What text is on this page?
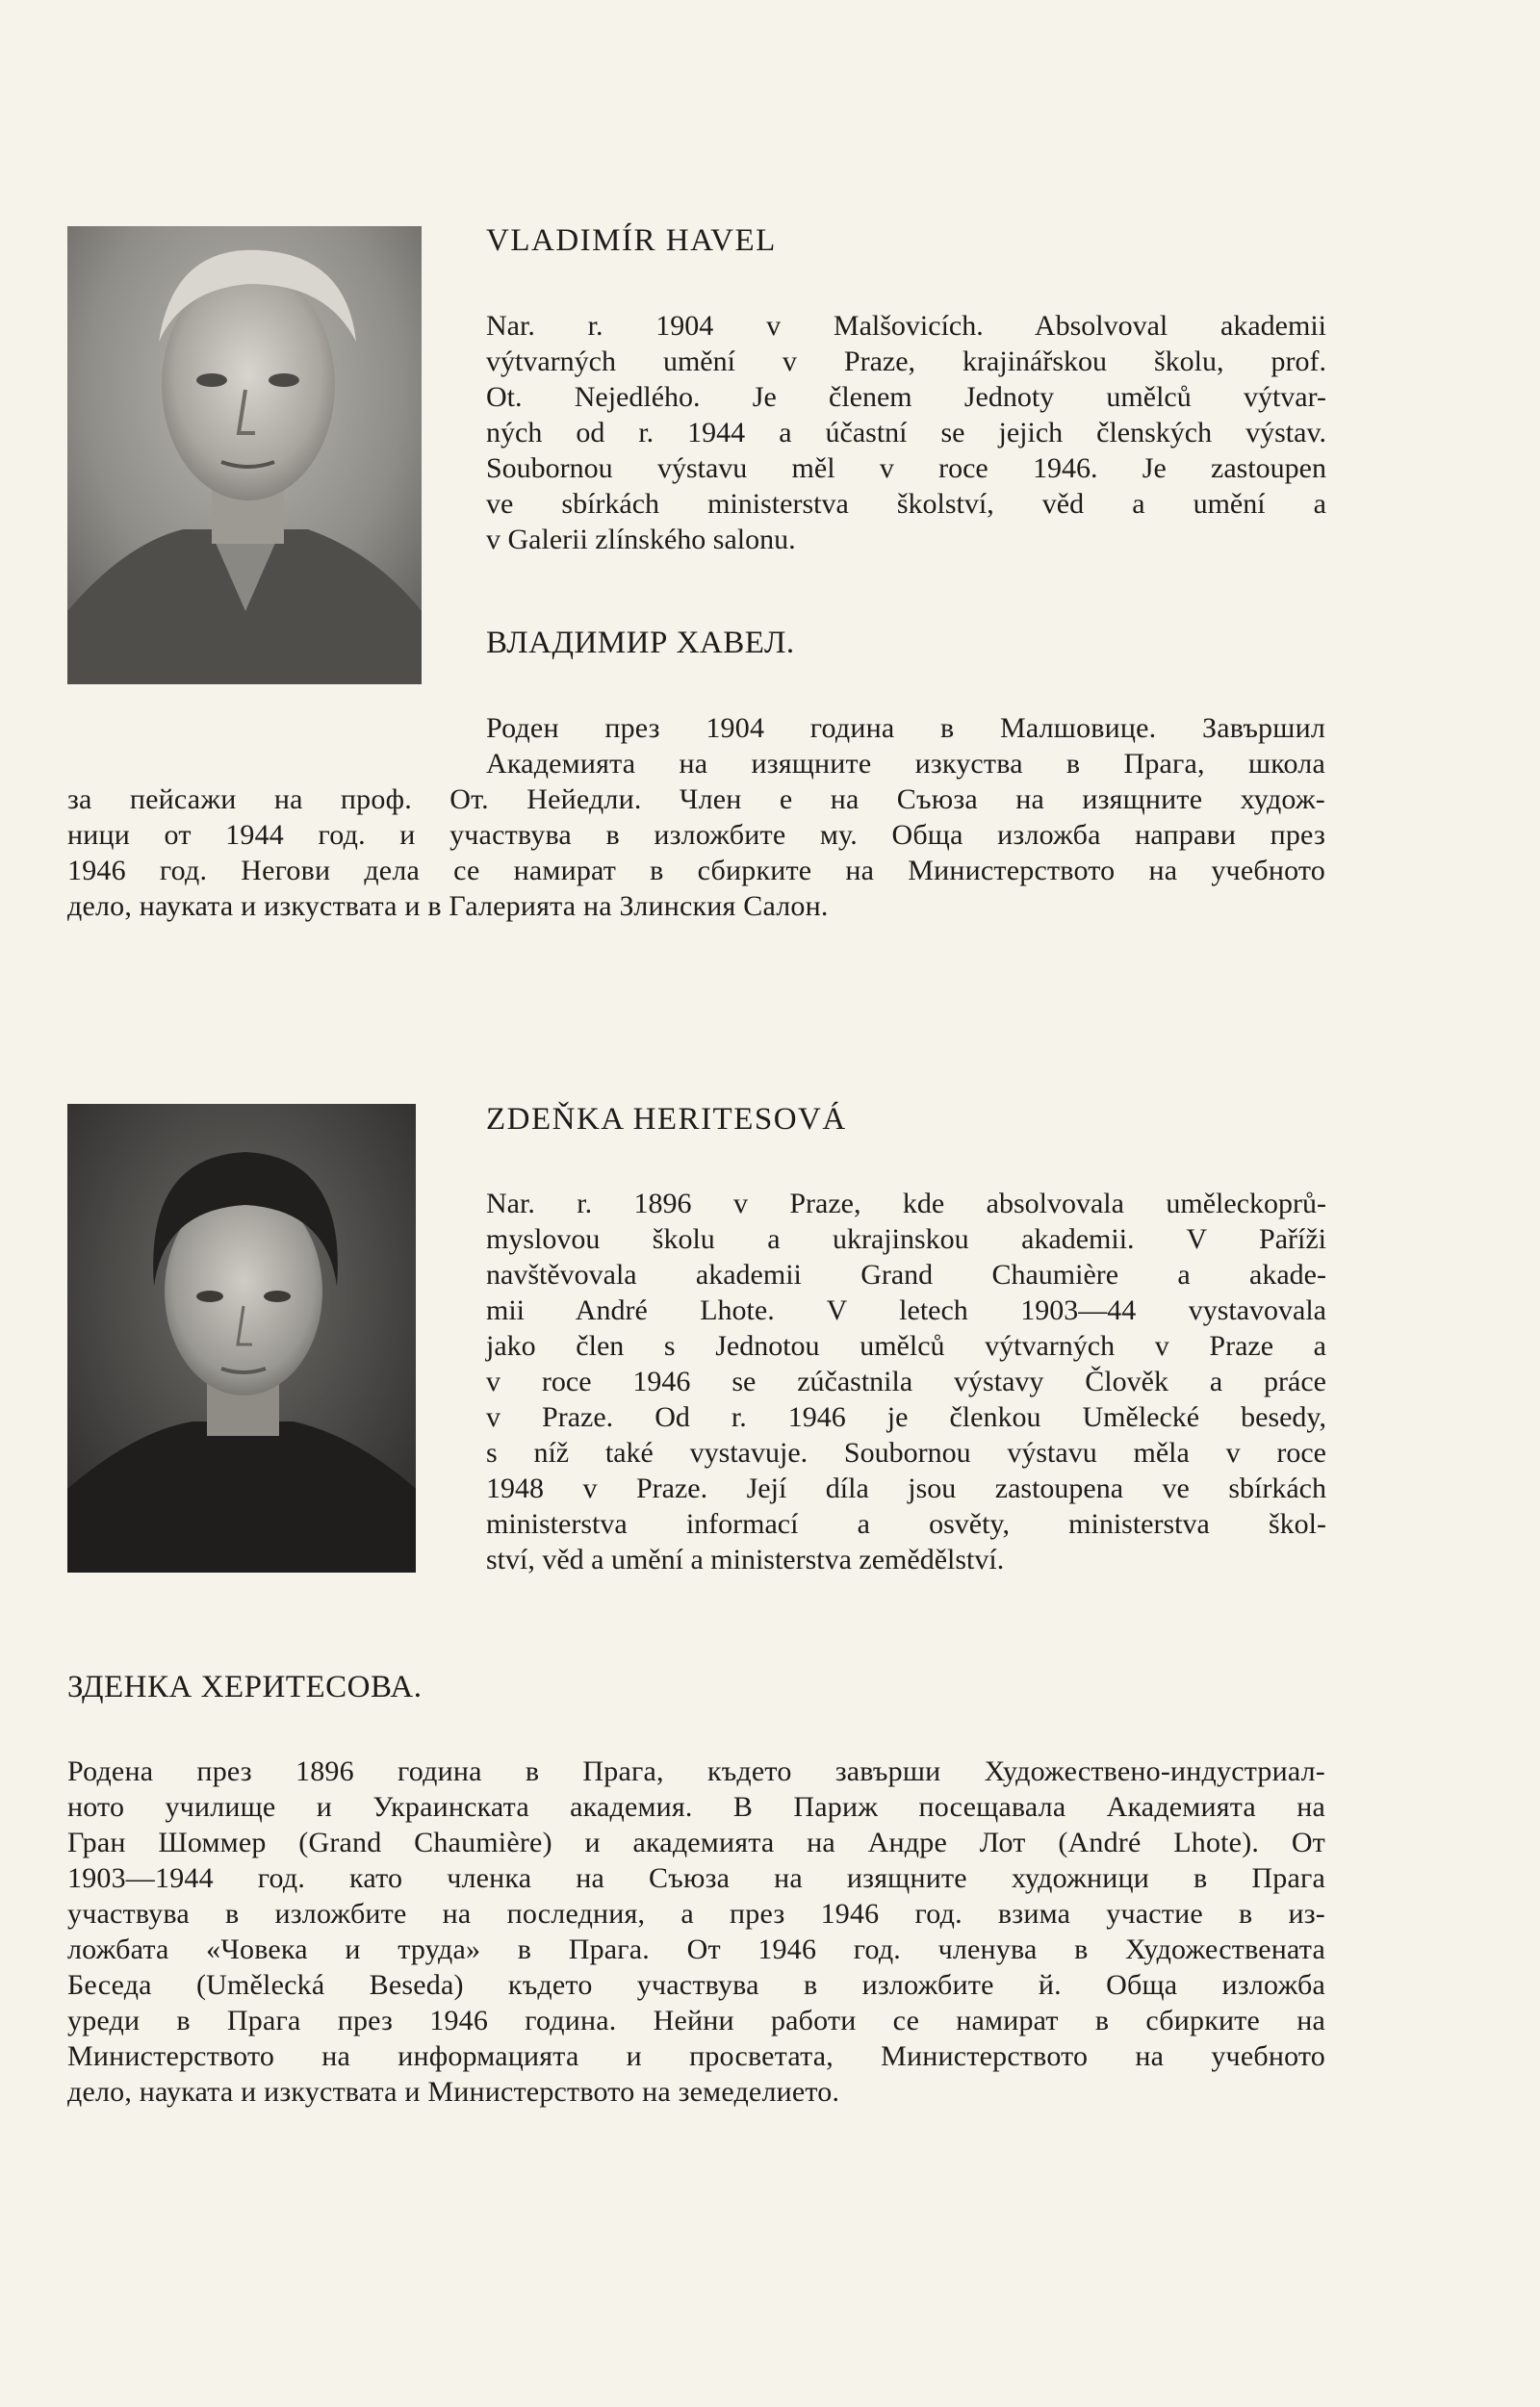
VLADIMÍR HAVEL
Nar. r. 1904 v Malšovicích. Absolvoval akademii
výtvarných umění v Praze, krajinářskou školu, prof.
Ot. Nejedlého. Je členem Jednoty umělců výtvar-
ných od r. 1944 a účastní se jejich členských výstav.
Soubornou výstavu měl v roce 1946. Je zastoupen
ve sbírkách ministerstva školství, věd a umění a
v Galerii zlínského salonu.
ВЛАДИМИР ХАВЕЛ.
Роден през 1904 година в Малшовице. Завършил
Академията на изящните изкуства в Прага, школа
за пейсажи на проф. От. Нейедли. Член е на Съюза на изящните худож-
ници от 1944 год. и участвува в изложбите му. Обща изложба направи през
1946 год. Негови дела се намират в сбирките на Министерството на учебното
дело, науката и изкуствата и в Галерията на Злинския Салон.
ZDEŇKA HERITESOVÁ
Nar. r. 1896 v Praze, kde absolvovala uměleckoprů-
myslovou školu a ukrajinskou akademii. V Paříži
navštěvovala akademii Grand Chaumière a akade-
mii André Lhote. V letech 1903—44 vystavovala
jako člen s Jednotou umělců výtvarných v Praze a
v roce 1946 se zúčastnila výstavy Člověk a práce
v Praze. Od r. 1946 je členkou Umělecké besedy,
s níž také vystavuje. Soubornou výstavu měla v roce
1948 v Praze. Její díla jsou zastoupena ve sbírkách
ministerstva informací a osvěty, ministerstva škol-
ství, věd a umění a ministerstva zemědělství.
ЗДЕНКА ХЕРИТЕСОВА.
Родена през 1896 година в Прага, където завърши Художествено-индустриал-
ното училище и Украинската академия. В Париж посещавала Академията на
Гран Шоммер (Grand Chaumière) и академията на Андре Лот (André Lhote). От
1903—1944 год. като членка на Съюза на изящните художници в Прага
участвува в изложбите на последния, а през 1946 год. взима участие в из-
ложбата «Човека и труда» в Прага. От 1946 год. членува в Художествената
Беседа (Umělecká Beseda) където участвува в изложбите й. Обща изложба
уреди в Прага през 1946 година. Нейни работи се намират в сбирките на
Министерството на информацията и просветата, Министерството на учебното
дело, науката и изкуствата и Министерството на земеделието.
